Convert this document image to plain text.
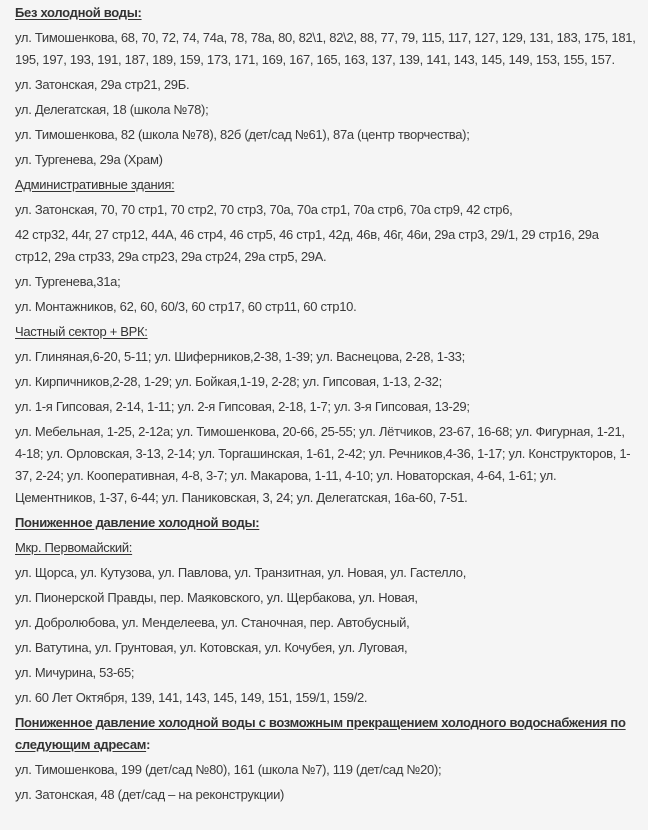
Без холодной воды:

ул. Тимошенкова, 68, 70, 72, 74, 74а, 78, 78а, 80, 82\1, 82\2, 88, 77, 79, 115, 117, 127, 129, 131, 183, 175, 181, 195, 197, 193, 191, 187, 189, 159, 173, 171, 169, 167, 165, 163, 137, 139, 141, 143, 145, 149, 153, 155, 157.

ул. Затонская, 29а стр21, 29Б.

ул. Делегатская, 18 (школа №78);

ул. Тимошенкова, 82 (школа №78), 82б (дет/сад №61), 87а (центр творчества);

ул. Тургенева, 29а (Храм)

Административные здания:

ул. Затонская, 70, 70 стр1, 70 стр2, 70 стр3, 70а, 70а стр1, 70а стр6, 70а стр9, 42 стр6,

42 стр32, 44г, 27 стр12, 44А, 46 стр4, 46 стр5, 46 стр1, 42д, 46в, 46г, 46и, 29а стр3, 29/1, 29 стр16, 29а стр12, 29а стр33, 29а стр23, 29а стр24, 29а стр5, 29А.

ул. Тургенева,31а;

ул. Монтажников, 62, 60, 60/3, 60 стр17, 60 стр11, 60 стр10.

Частный сектор + ВРК:

ул. Глиняная,6-20, 5-11; ул. Шиферников,2-38, 1-39; ул. Васнецова, 2-28, 1-33;

ул. Кирпичников,2-28, 1-29; ул. Бойкая,1-19, 2-28; ул. Гипсовая, 1-13, 2-32;

ул. 1-я Гипсовая, 2-14, 1-11; ул. 2-я Гипсовая, 2-18, 1-7; ул. 3-я Гипсовая, 13-29;

ул. Мебельная, 1-25, 2-12а; ул. Тимошенкова, 20-66, 25-55; ул. Лётчиков, 23-67, 16-68; ул. Фигурная, 1-21, 4-18; ул. Орловская, 3-13, 2-14; ул. Торгашинская, 1-61, 2-42; ул. Речников,4-36, 1-17; ул. Конструкторов, 1-37, 2-24; ул. Кооперативная, 4-8, 3-7; ул. Макарова, 1-11, 4-10; ул. Новаторская, 4-64, 1-61; ул. Цементников, 1-37, 6-44; ул. Паниковская, 3, 24; ул. Делегатская, 16а-60, 7-51.

Пониженное давление холодной воды:

Мкр. Первомайский:

ул. Щорса, ул. Кутузова, ул. Павлова, ул. Транзитная, ул. Новая, ул. Гастелло,

ул. Пионерской Правды, пер. Маяковского, ул. Щербакова, ул. Новая,

ул. Добролюбова, ул. Менделеева, ул. Станочная, пер. Автобусный,

ул. Ватутина, ул. Грунтовая, ул. Котовская, ул. Кочубея, ул. Луговая,

ул. Мичурина, 53-65;

ул. 60 Лет Октября, 139, 141, 143, 145, 149, 151, 159/1, 159/2.

Пониженное давление холодной воды с возможным прекращением холодного водоснабжения по следующим адресам:

ул. Тимошенкова, 199 (дет/сад №80), 161 (школа №7), 119 (дет/сад №20);

ул. Затонская, 48 (дет/сад – на реконструкции)
